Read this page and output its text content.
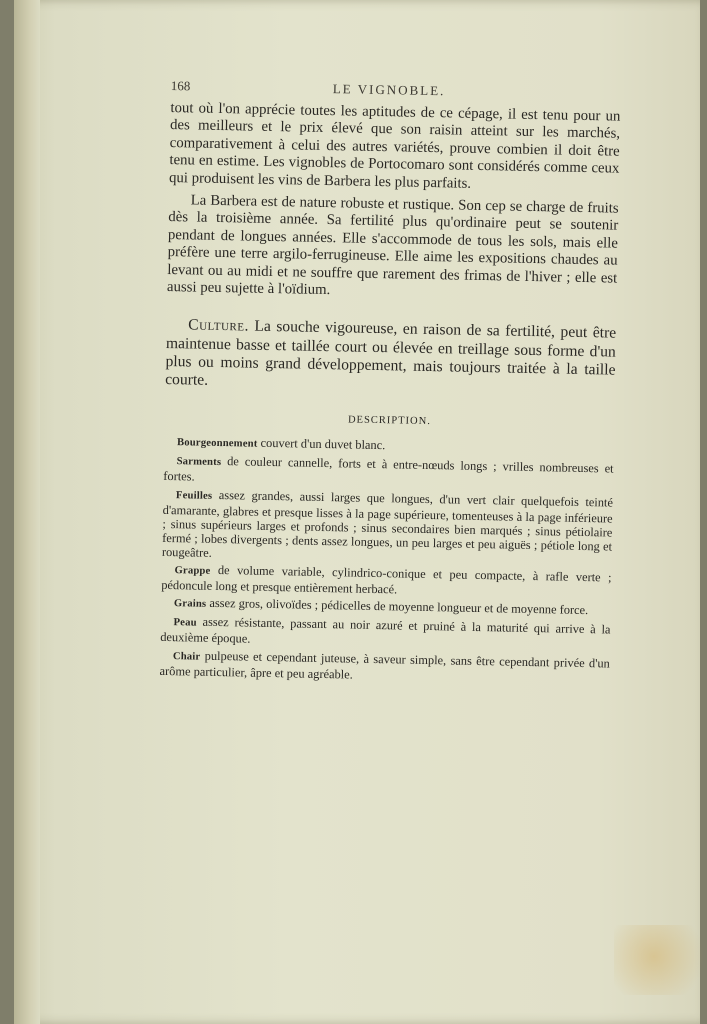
168	LE VIGNOBLE.

tout où l'on apprécie toutes les aptitudes de ce cépage, il est tenu pour un des meilleurs et le prix élevé que son raisin atteint sur les marchés, comparativement à celui des autres variétés, prouve combien il doit être tenu en estime. Les vignobles de Portocomaro sont considérés comme ceux qui produisent les vins de Barbera les plus parfaits.

La Barbera est de nature robuste et rustique. Son cep se charge de fruits dès la troisième année. Sa fertilité plus qu'ordinaire peut se soutenir pendant de longues années. Elle s'accommode de tous les sols, mais elle préfère une terre argilo-ferrugineuse. Elle aime les expositions chaudes au levant ou au midi et ne souffre que rarement des frimas de l'hiver ; elle est aussi peu sujette à l'oïdium.

Culture. La souche vigoureuse, en raison de sa fertilité, peut être maintenue basse et taillée court ou élevée en treillage sous forme d'un plus ou moins grand développement, mais toujours traitée à la taille courte.

DESCRIPTION.

Bourgeonnement couvert d'un duvet blanc.

Sarments de couleur cannelle, forts et à entre-nœuds longs ; vrilles nombreuses et fortes.

Feuilles assez grandes, aussi larges que longues, d'un vert clair quelquefois teinté d'amarante, glabres et presque lisses à la page supérieure, tomenteuses à la page inférieure ; sinus supérieurs larges et profonds ; sinus secondaires bien marqués ; sinus pétiolaire fermé ; lobes divergents ; dents assez longues, un peu larges et peu aiguës ; pétiole long et rougeâtre.

Grappe de volume variable, cylindrico-conique et peu compacte, à rafle verte ; pédoncule long et presque entièrement herbacé.

Grains assez gros, olivoïdes ; pédicelles de moyenne longueur et de moyenne force.

Peau assez résistante, passant au noir azuré et pruiné à la maturité qui arrive à la deuxième époque.

Chair pulpeuse et cependant juteuse, à saveur simple, sans être cependant privée d'un arôme particulier, âpre et peu agréable.
